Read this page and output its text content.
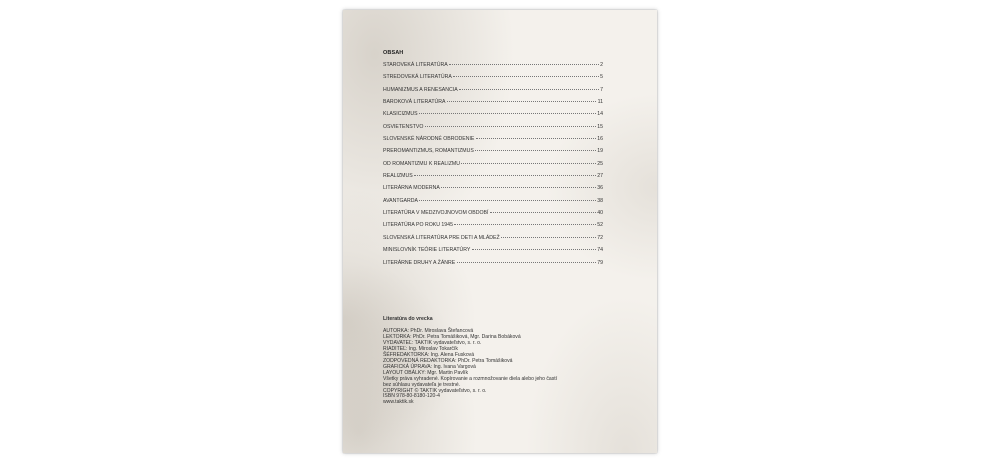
OBSAH
STAROVEKÁ LITERATÚRA	2
STREDOVEKÁ LITERATÚRA	5
HUMANIZMUS A RENESANCIA	7
BAROKOVÁ LITERATÚRA	11
KLASICIZMUS	14
OSVIETENSTVO	15
SLOVENSKÉ NÁRODNÉ OBRODENIE	16
PREROMANTIZMUS, ROMANTIZMUS	19
OD ROMANTIZMU K REALIZMU	25
REALIZMUS	27
LITERÁRNA MODERNA	36
AVANTGARDA	38
LITERATÚRA V MEDZIVOJNOVOM OBDOBÍ	40
LITERATÚRA PO ROKU 1945	52
SLOVENSKÁ LITERATÚRA PRE DETI A MLÁDEŽ	72
MINISLOVNÍK TEÓRIE LITERATÚRY	74
LITERÁRNE DRUHY A ŽÁNRE	79
Literatúra do vrecka
AUTORKA: PhDr. Miroslava Štefancová
LEKTORKA: PhDr. Petra Tomášiková, Mgr. Darina Bobáková
VYDAVATEĽ: TAKTIK vydavateľstvo, s. r. o.
RIADITEĽ: Ing. Miroslav Tokarčík
ŠÉFREDAKTORKA: Ing. Alena Fusková
ZODPOVEDNÁ REDAKTORKA: PhDr. Petra Tomášiková
GRAFICKÁ ÚPRAVA: Ing. Ivana Vargová
LAYOUT OBÁLKY: Mgr. Martin Pavlík
Všetky práva vyhradené. Kopírovanie a rozmnožovanie diela alebo jeho častí
bez súhlasu vydavateľa je trestné.
COPYRIGHT © TAKTIK vydavateľstvo, s. r. o.
ISBN 978-80-8180-120-4
www.taktik.sk
